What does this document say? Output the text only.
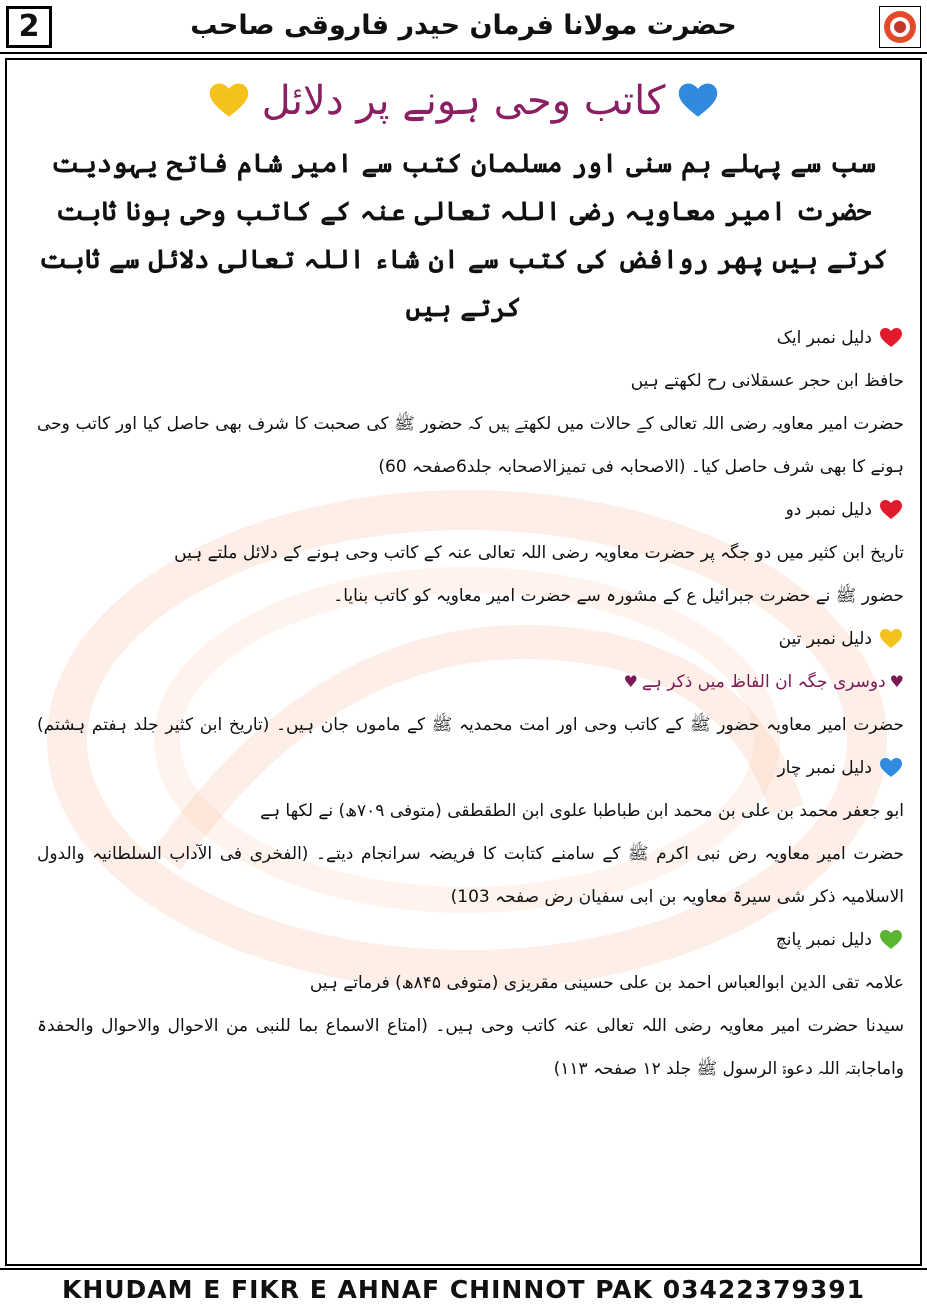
2	حضرت مولانا فرمان حیدر فاروقی صاحب
کاتب وحی ہونے پر دلائل
سب سے پہلے ہم سنی اور مسلمان کتب سے امیر شام فاتح یہودیت حضرت امیر معاویہ رضی اللہ تعالی عنہ کے کاتب وحی ہونا ثابت کرتے ہیں پھر روافض کی کتب سے ان شاء اللہ تعالی دلائل سے ثابت کرتے ہیں
دلیل نمبر ایک
حافظ ابن حجر عسقلانی رح لکھتے ہیں
حضرت امیر معاویہ رضی اللہ تعالی کے حالات میں لکھتے ہیں کہ حضور ﷺ کی صحبت کا شرف بھی حاصل کیا اور کاتب وحی
ہونے کا بھی شرف حاصل کیا۔ (الاصحابہ فی تمیزالاصحابہ جلد6صفحہ 60)
دلیل نمبر دو
تاریخ ابن کثیر میں دو جگہ پر حضرت معاویہ رضی اللہ تعالی عنہ کے کاتب وحی ہونے کے دلائل ملتے ہیں
حضور ﷺ نے حضرت جبرائیل ع کے مشورہ سے حضرت امیر معاویہ کو کاتب بنایا۔
دلیل نمبر تین
♥دوسری جگہ ان الفاظ میں ذکر ہے♥
حضرت امیر معاویہ حضور ﷺ کے کاتب وحی اور امت محمدیہ ﷺ کے ماموں جان ہیں۔ (تاریخ ابن کثیر جلد ہفتم ہشتم)
دلیل نمبر چار
ابو جعفر محمد بن علی بن محمد ابن طباطبا علوی ابن الطقطقی (متوفی ۷۰۹ھ) نے لکھا ہے
حضرت امیر معاویہ رض نبی اکرم ﷺ کے سامنے کتابت کا فریضہ سرانجام دیتے۔ (الفخری فی الآداب السلطانیہ والدول
الاسلامیہ ذکر شی سیرۃ معاویہ بن ابی سفیان رض صفحہ 103)
دلیل نمبر پانچ
علامہ تقی الدین ابوالعباس احمد بن علی حسینی مقریزی (متوفی ۸۴۵ھ) فرماتے ہیں
سیدنا حضرت امیر معاویہ رضی اللہ تعالی عنہ کاتب وحی ہیں۔ (امتاع الاسماع بما للنبی من الاحوال والاحوال والحفدۃ
واماجابتہ اللہ دعوۃ الرسول ﷺ جلد ۱۲ صفحہ ۱۱۳)
KHUDAM E FIKR E AHNAF CHINNOT PAK 03422379391
